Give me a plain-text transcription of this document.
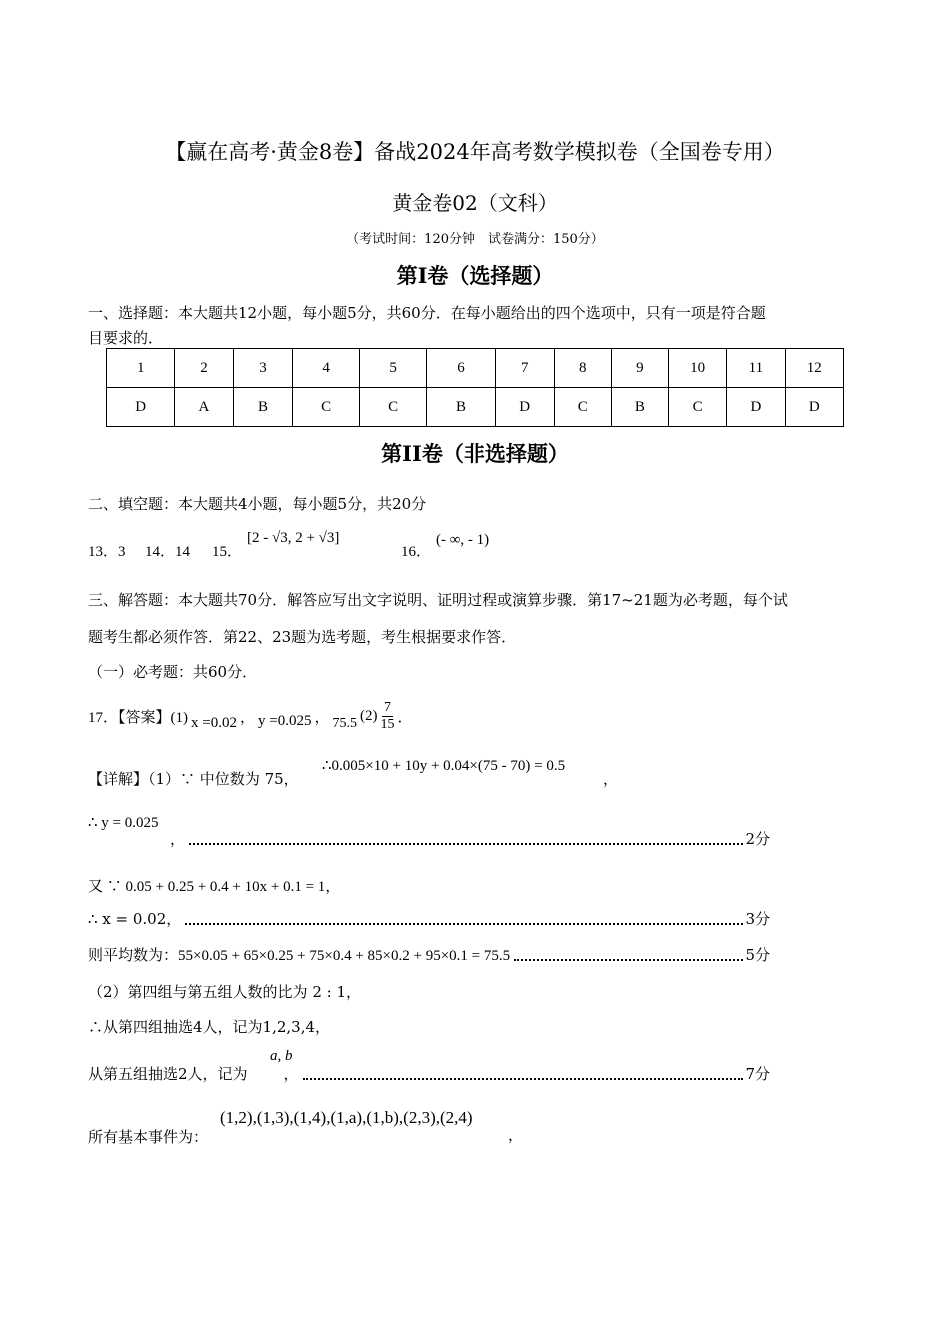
【赢在高考·黄金8卷】备战2024年高考数学模拟卷（全国卷专用）
黄金卷02（文科）
（考试时间：120分钟　试卷满分：150分）
第I卷（选择题）
一、选择题：本大题共12小题，每小题5分，共60分．在每小题给出的四个选项中，只有一项是符合题
目要求的．
1	2	3	4	5	6	7	8	9	10	11	12
D	A	B	C	C	B	D	C	B	C	D	D
第II卷（非选择题）
二、填空题：本大题共4小题，每小题5分，共20分
13．3 14．14 15．
[2 - √3, 2 + √3]
16．
(- ∞, - 1)
三、解答题：本大题共70分．解答应写出文字说明、证明过程或演算步骤．第17~21题为必考题，每个试
题考生都必须作答．第22、23题为选考题，考生根据要求作答．
（一）必考题：共60分．
17．【答案】(1) x =0.02 ， y =0.025 ， 75.5 $(2) \frac{7}{15}$ ．
【详解】（1）∵ 中位数为 75，
∴0.005×10 + 10y + 0.04×(75 - 70) = 0.5
，
∴ y = 0.025
，	2分
又 ∵ 0.05 + 0.25 + 0.4 + 10x + 0.1 = 1，
∴ x = 0.02，	3分
则平均数为： 55×0.05 + 65×0.25 + 75×0.4 + 85×0.2 + 95×0.1 = 75.5	5分
（2）第四组与第五组人数的比为 2 : 1，
∴从第四组抽选4人，记为1,2,3,4，
a, b
从第五组抽选2人，记为 ，	7分
所有基本事件为：
(1,2),(1,3),(1,4),(1,a),(1,b),(2,3),(2,4)
，
